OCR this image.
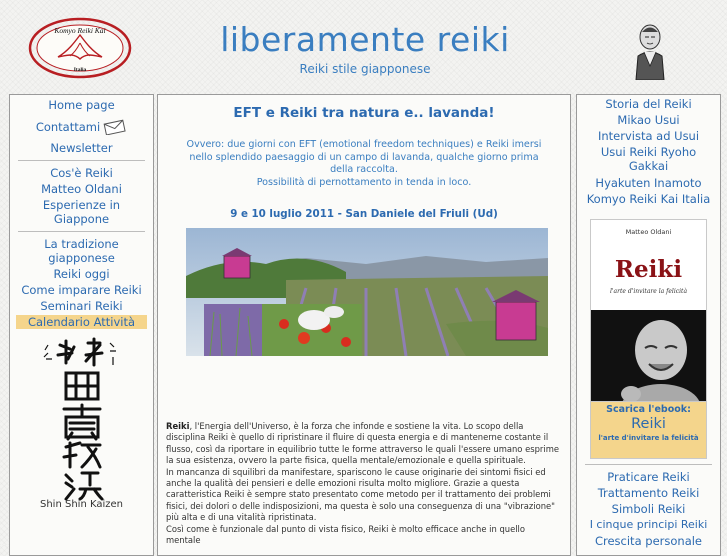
Komyo Reiki Kai
Italia
liberamente reiki
Reiki stile giapponese
Home page
Contattami
Newsletter
Cos'è Reiki
Matteo Oldani
Esperienze in Giappone
La tradizione giapponese
Reiki oggi
Come imparare Reiki
Seminari Reiki
Calendario Attività
Shin Shin Kaizen
EFT e Reiki tra natura e.. lavanda!
Ovvero: due giorni con EFT (emotional freedom techniques) e Reiki imersi nello splendido paesaggio di un campo di lavanda, qualche giorno prima della raccolta.
Possibilità di pernottamento in tenda in loco.
9 e 10 luglio 2011 - San Daniele del Friuli (Ud)
Reiki, l'Energia dell'Universo, è la forza che infonde e sostiene la vita. Lo scopo della disciplina Reiki è quello di ripristinare il fluire di questa energia e di mantenerne costante il flusso, così da riportare in equilibrio tutte le forme attraverso le quali l'essere umano esprime la sua esistenza, ovvero la parte fisica, quella mentale/emozionale e quella spirituale.
In mancanza di squilibri da manifestare, spariscono le cause originarie dei sintomi fisici ed anche la qualità dei pensieri e delle emozioni risulta molto migliore. Grazie a questa caratteristica Reiki è sempre stato presentato come metodo per il trattamento dei problemi fisici, dei dolori o delle indisposizioni, ma questa è solo una conseguenza di una "vibrazione" più alta e di una vitalità ripristinata.
Così come è funzionale dal punto di vista fisico, Reiki è molto efficace anche in quello mentale
Storia del Reiki
Mikao Usui
Intervista ad Usui
Usui Reiki Ryoho Gakkai
Hyakuten Inamoto
Komyo Reiki Kai Italia
Matteo Oldani
Reiki
l'arte d'invitare la felicità
Scarica l'ebook:
Reiki
l'arte d'invitare la felicità
Praticare Reiki
Trattamento Reiki
Simboli Reiki
I cinque principi Reiki
Crescita personale
